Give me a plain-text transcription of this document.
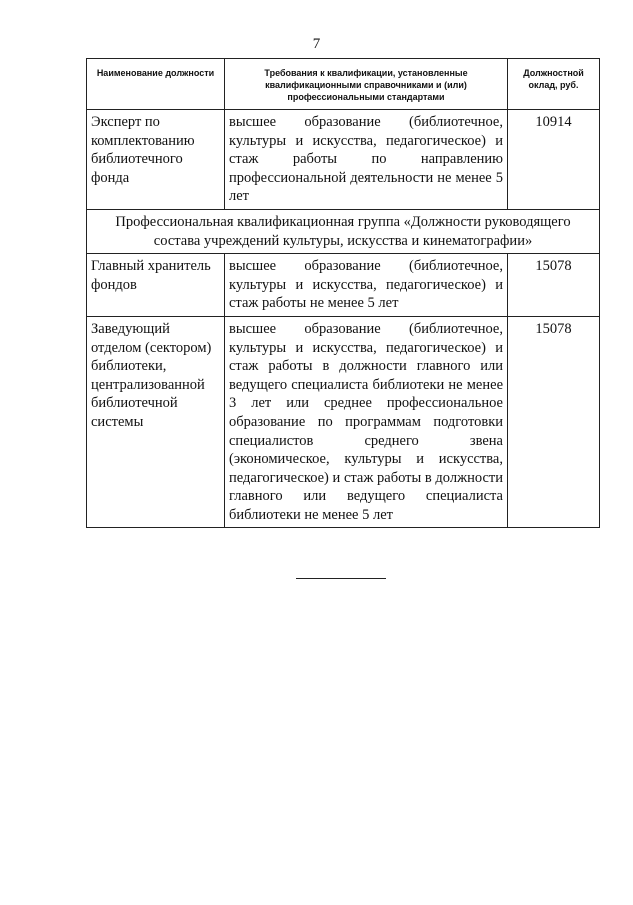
7
Наименование должности	Требования к квалификации, установленные квалификационными справочниками и (или) профессиональными стандартами	Должностной оклад, руб.
Эксперт по комплектованию библиотечного фонда	высшее образование (библиотечное, культуры и искусства, педагогическое) и стаж работы по направлению профессиональной деятельности не менее 5 лет	10914
Профессиональная квалификационная группа «Должности руководящего состава учреждений культуры, искусства и кинематографии»		
Главный хранитель фондов	высшее образование (библиотечное, культуры и искусства, педагогическое) и стаж работы не менее 5 лет	15078
Заведующий отделом (сектором) библиотеки, централизованной библиотечной системы	высшее образование (библиотечное, культуры и искусства, педагогическое) и стаж работы в должности главного или ведущего специалиста библиотеки не менее 3 лет или среднее профессиональное образование по программам подготовки специалистов среднего звена (экономическое, культуры и искусства, педагогическое) и стаж работы в должности главного или ведущего специалиста библиотеки не менее 5 лет	15078
